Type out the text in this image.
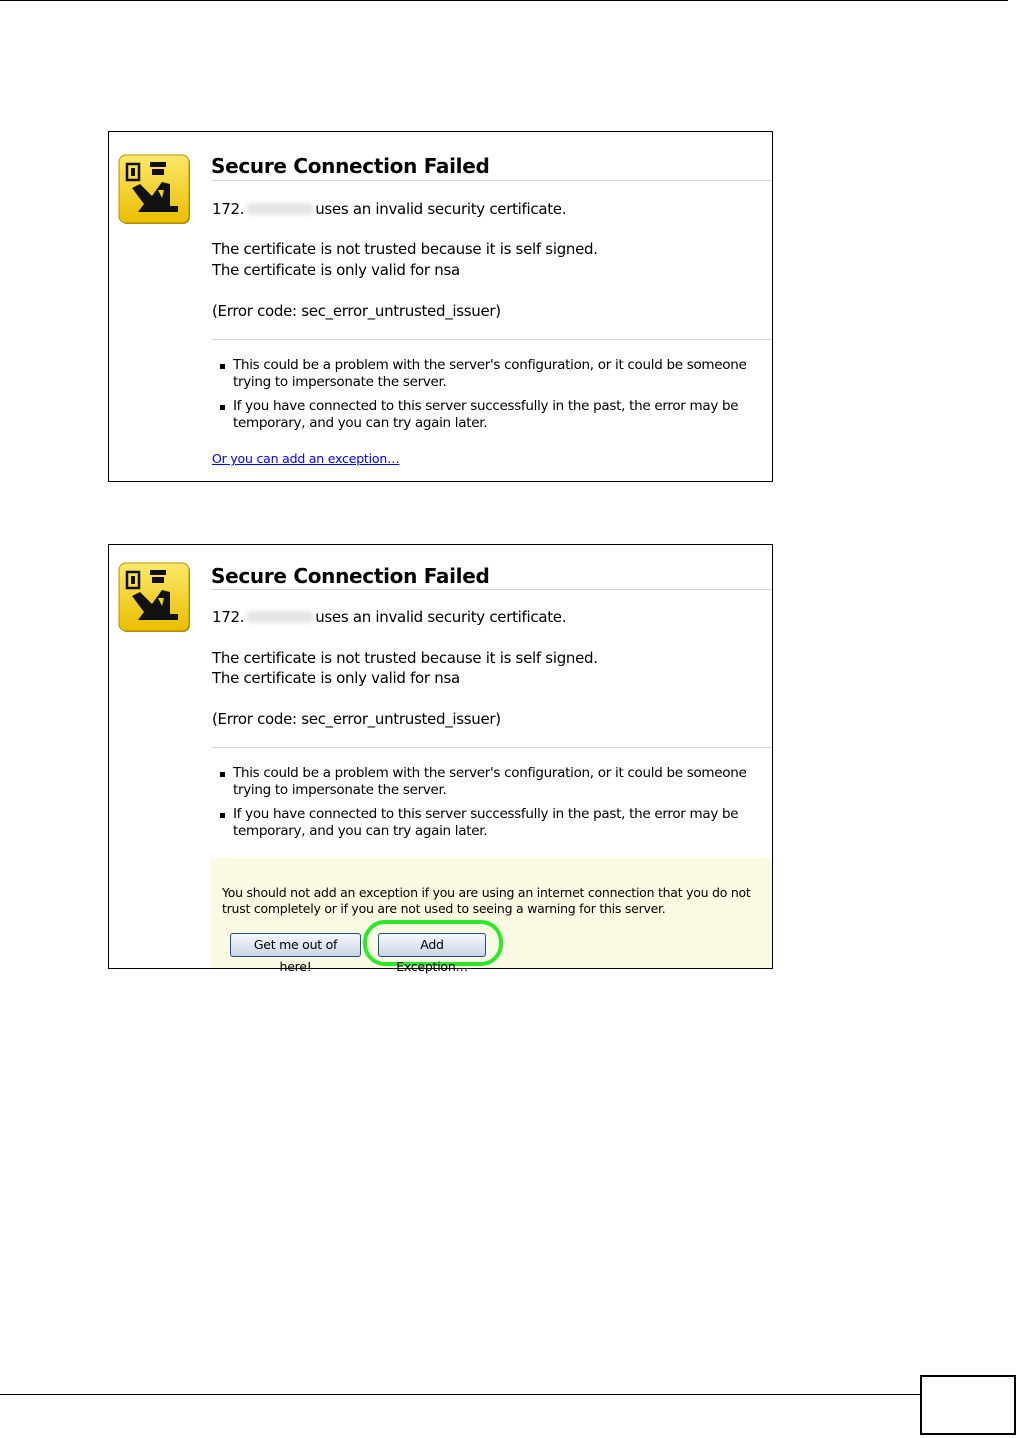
Secure Connection Failed
172.	uses an invalid security certificate.
The certificate is not trusted because it is self signed.
The certificate is only valid for nsa
(Error code: sec_error_untrusted_issuer)
This could be a problem with the server's configuration, or it could be someone trying to impersonate the server.
If you have connected to this server successfully in the past, the error may be temporary, and you can try again later.
Or you can add an exception…
Secure Connection Failed
172.	uses an invalid security certificate.
The certificate is not trusted because it is self signed.
The certificate is only valid for nsa
(Error code: sec_error_untrusted_issuer)
This could be a problem with the server's configuration, or it could be someone trying to impersonate the server.
If you have connected to this server successfully in the past, the error may be temporary, and you can try again later.

You should not add an exception if you are using an internet connection that you do not trust completely or if you are not used to seeing a warning for this server.

Get me out of here!
Add Exception…
